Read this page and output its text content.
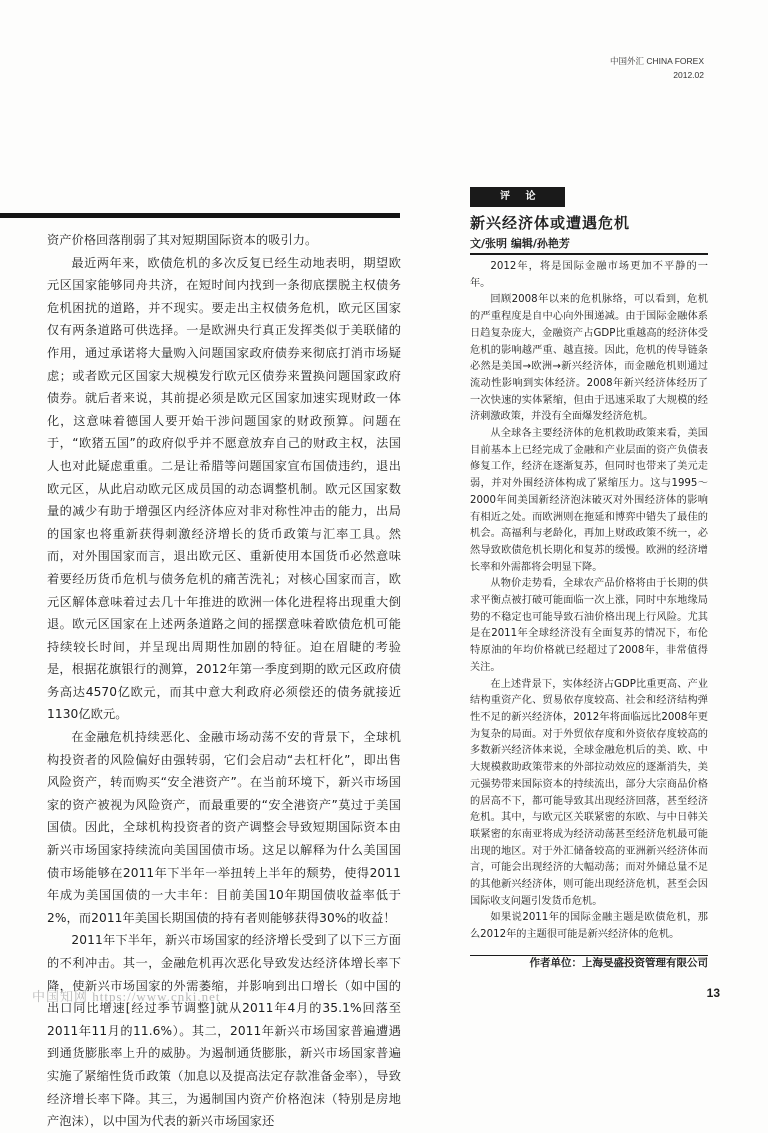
中国外汇 CHINA FOREX
2012.02

资产价格回落削弱了其对短期国际资本的吸引力。

最近两年来，欧债危机的多次反复已经生动地表明，期望欧元区国家能够同舟共济，在短时间内找到一条彻底摆脱主权债务危机困扰的道路，并不现实。要走出主权债务危机，欧元区国家仅有两条道路可供选择。一是欧洲央行真正发挥类似于美联储的作用，通过承诺将大量购入问题国家政府债券来彻底打消市场疑虑；或者欧元区国家大规模发行欧元区债券来置换问题国家政府债券。就后者来说，其前提必须是欧元区国家加速实现财政一体化，这意味着德国人要开始干涉问题国家的财政预算。问题在于，“欧猪五国”的政府似乎并不愿意放弃自己的财政主权，法国人也对此疑虑重重。二是让希腊等问题国家宣布国债违约，退出欧元区，从此启动欧元区成员国的动态调整机制。欧元区国家数量的减少有助于增强区内经济体应对非对称性冲击的能力，出局的国家也将重新获得刺激经济增长的货币政策与汇率工具。然而，对外围国家而言，退出欧元区、重新使用本国货币必然意味着要经历货币危机与债务危机的痛苦洗礼；对核心国家而言，欧元区解体意味着过去几十年推进的欧洲一体化进程将出现重大倒退。欧元区国家在上述两条道路之间的摇摆意味着欧债危机可能持续较长时间，并呈现出周期性加剧的特征。迫在眉睫的考验是，根据花旗银行的测算，2012年第一季度到期的欧元区政府债务高达4570亿欧元，而其中意大利政府必须偿还的债务就接近1130亿欧元。

在金融危机持续恶化、金融市场动荡不安的背景下，全球机构投资者的风险偏好由强转弱，它们会启动“去杠杆化”，即出售风险资产，转而购买“安全港资产”。在当前环境下，新兴市场国家的资产被视为风险资产，而最重要的“安全港资产”莫过于美国国债。因此，全球机构投资者的资产调整会导致短期国际资本由新兴市场国家持续流向美国国债市场。这足以解释为什么美国国债市场能够在2011年下半年一举扭转上半年的颓势，使得2011年成为美国国债的一大丰年：目前美国10年期国债收益率低于2%，而2011年美国长期国债的持有者则能够获得30%的收益！

2011年下半年，新兴市场国家的经济增长受到了以下三方面的不利冲击。其一，金融危机再次恶化导致发达经济体增长率下降，使新兴市场国家的外需萎缩，并影响到出口增长（如中国的出口同比增速[经过季节调整]就从2011年4月的35.1%回落至2011年11月的11.6%）。其二，2011年新兴市场国家普遍遭遇到通货膨胀率上升的威胁。为遏制通货膨胀，新兴市场国家普遍实施了紧缩性货币政策（加息以及提高法定存款准备金率），导致经济增长率下降。其三，为遏制国内资产价格泡沫（特别是房地产泡沫），以中国为代表的新兴市场国家还

评 论
新兴经济体或遭遇危机
文/张明 编辑/孙艳芳

2012年，将是国际金融市场更加不平静的一年。

回顾2008年以来的危机脉络，可以看到，危机的严重程度是自中心向外围递减。由于国际金融体系日趋复杂庞大，金融资产占GDP比重越高的经济体受危机的影响越严重、越直接。因此，危机的传导链条必然是美国→欧洲→新兴经济体，而金融危机则通过流动性影响到实体经济。2008年新兴经济体经历了一次快速的实体紧缩，但由于迅速采取了大规模的经济刺激政策，并没有全面爆发经济危机。

从全球各主要经济体的危机救助政策来看，美国目前基本上已经完成了金融和产业层面的资产负债表修复工作，经济在逐渐复苏，但同时也带来了美元走弱，并对外围经济体构成了紧缩压力。这与1995～2000年间美国新经济泡沫破灭对外围经济体的影响有相近之处。而欧洲则在拖延和博弈中错失了最佳的机会。高福利与老龄化，再加上财政政策不统一，必然导致欧债危机长期化和复苏的缓慢。欧洲的经济增长率和外需都将会明显下降。

从物价走势看，全球农产品价格将由于长期的供求平衡点被打破可能面临一次上涨，同时中东地缘局势的不稳定也可能导致石油价格出现上行风险。尤其是在2011年全球经济没有全面复苏的情况下，布伦特原油的年均价格就已经超过了2008年，非常值得关注。

在上述背景下，实体经济占GDP比重更高、产业结构重资产化、贸易依存度较高、社会和经济结构弹性不足的新兴经济体，2012年将面临远比2008年更为复杂的局面。对于外贸依存度和外资依存度较高的多数新兴经济体来说，全球金融危机后的美、欧、中大规模救助政策带来的外部拉动效应的逐渐消失，美元强势带来国际资本的持续流出，部分大宗商品价格的居高不下，都可能导致其出现经济回落，甚至经济危机。其中，与欧元区关联紧密的东欧、与中日韩关联紧密的东南亚将成为经济动荡甚至经济危机最可能出现的地区。对于外汇储备较高的亚洲新兴经济体而言，可能会出现经济的大幅动荡；而对外储总量不足的其他新兴经济体，则可能出现经济危机，甚至会因国际收支问题引发货币危机。

如果说2011年的国际金融主题是欧债危机，那么2012年的主题很可能是新兴经济体的危机。

作者单位：上海旻盛投资管理有限公司
中国知网 https://www.cnki.net	13
